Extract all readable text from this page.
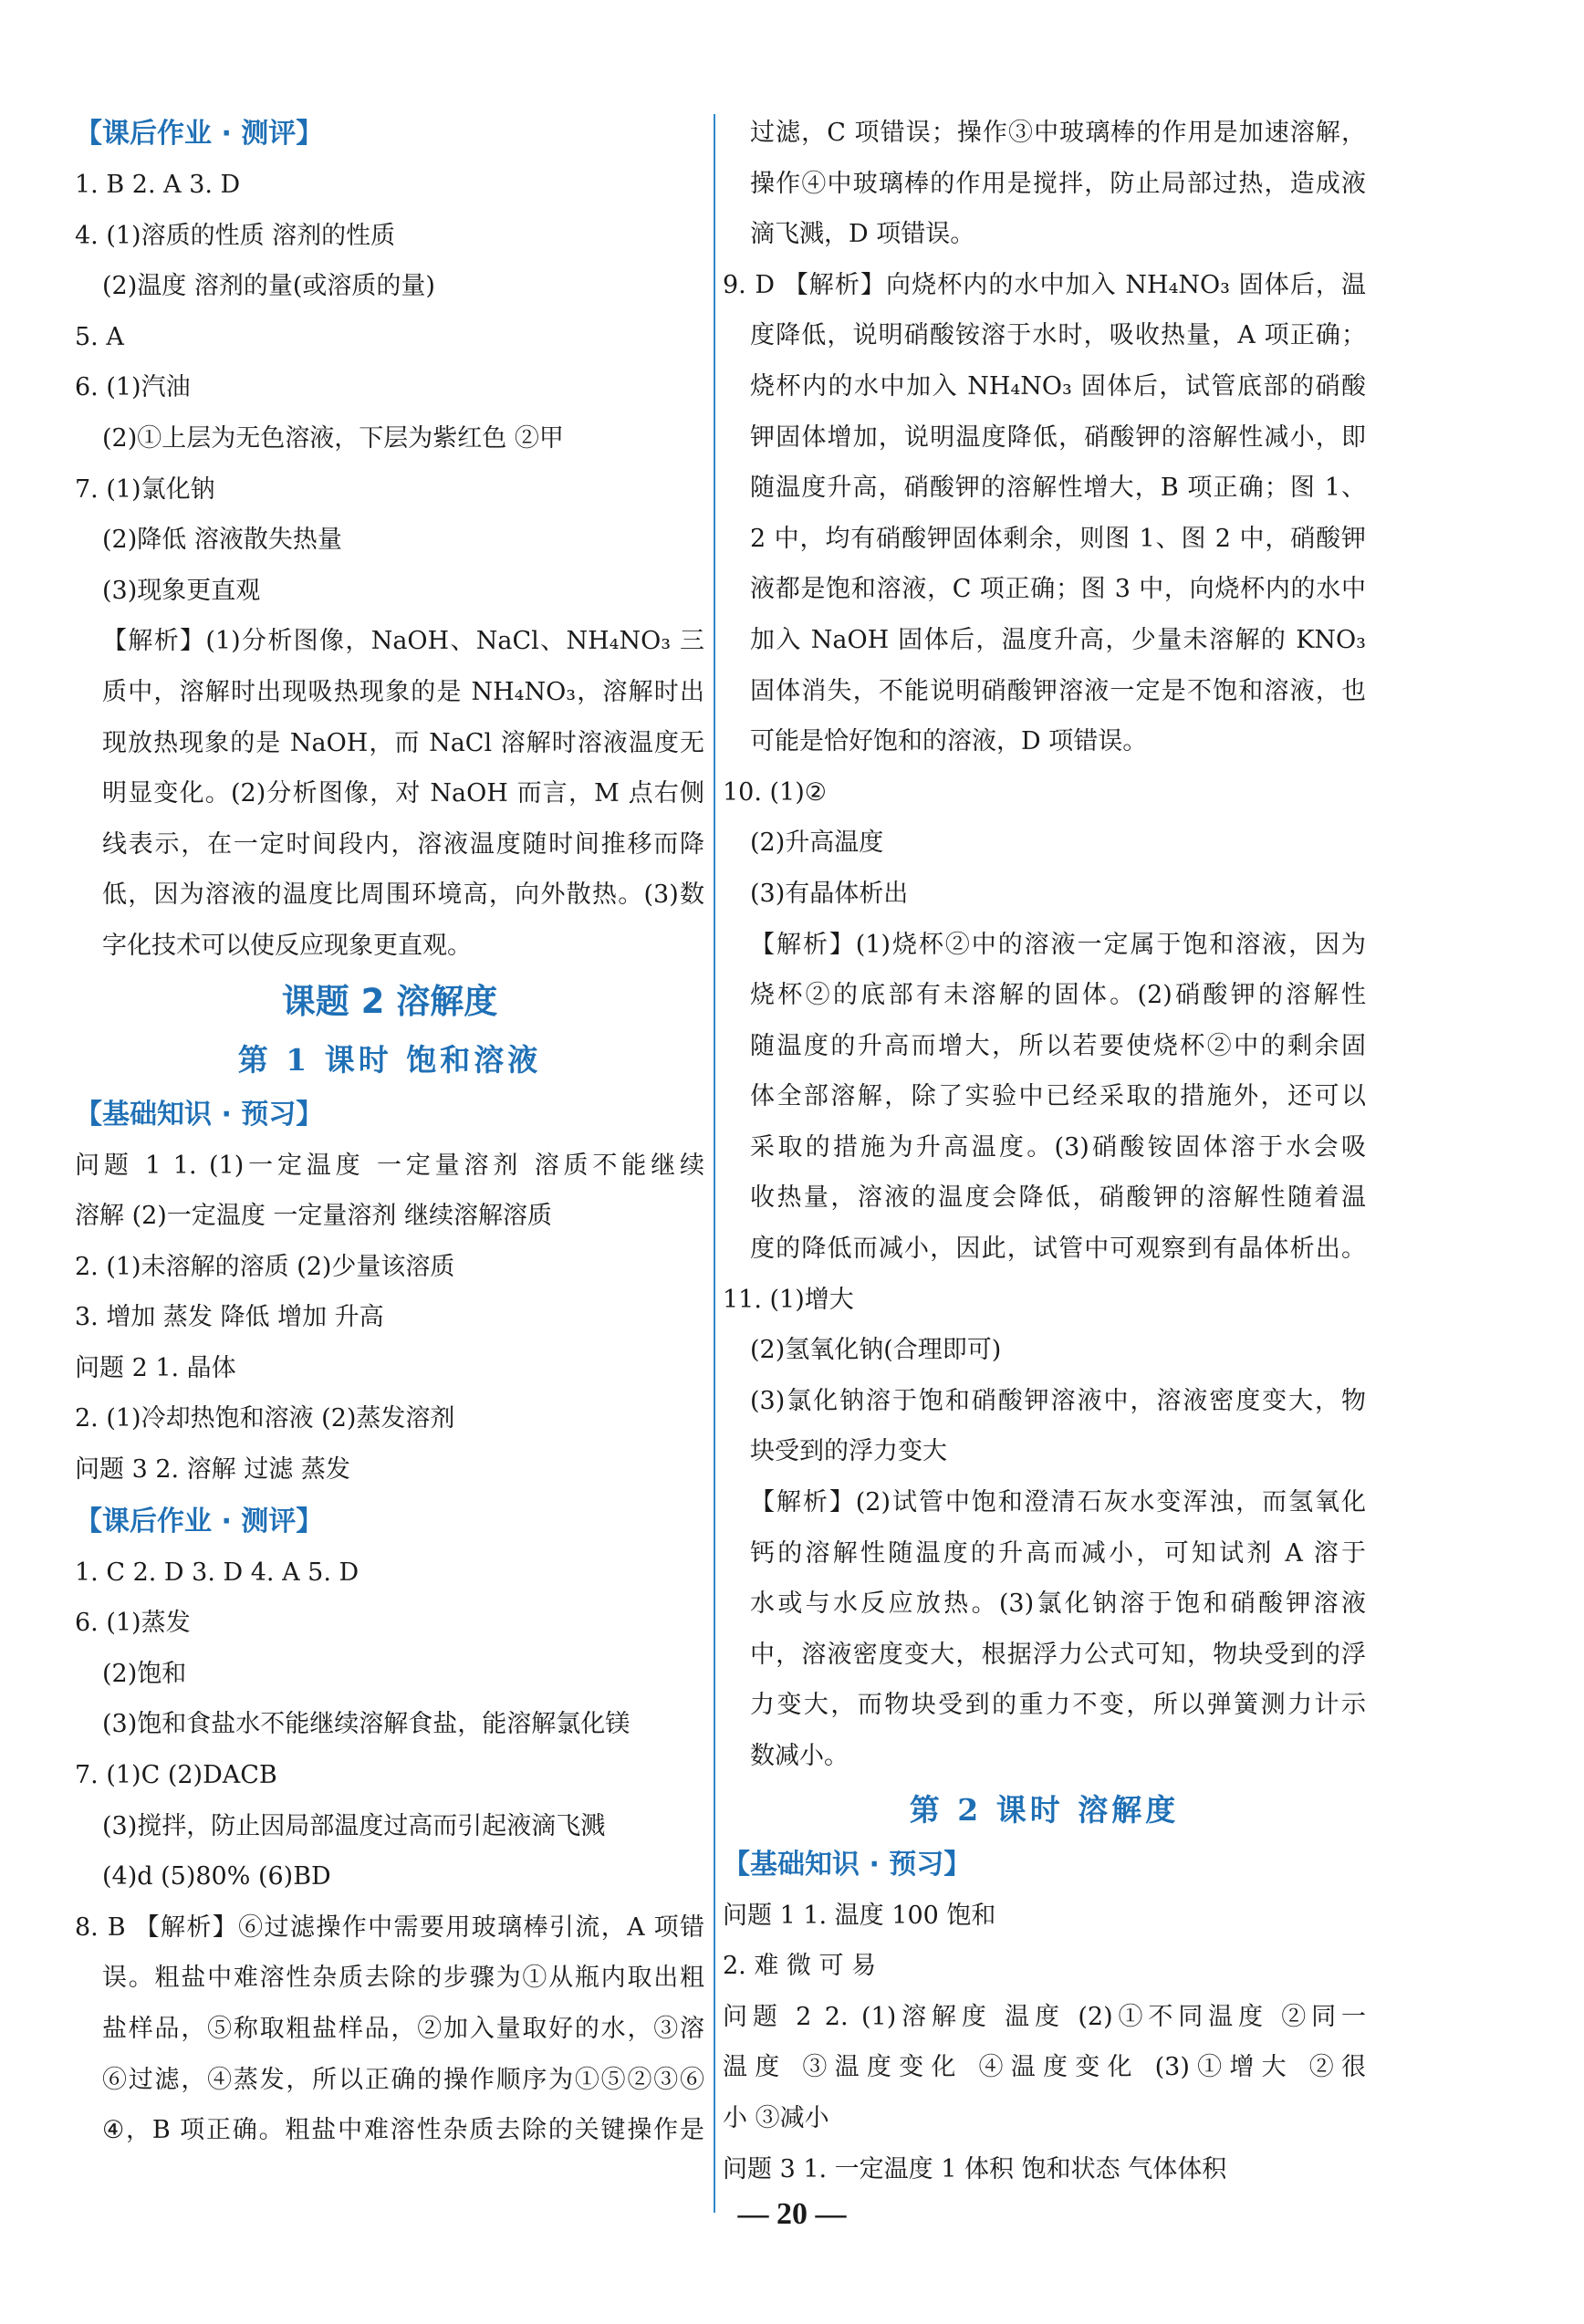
【课后作业 · 测评】
1. B 2. A 3. D
4. (1)溶质的性质 溶剂的性质
(2)温度 溶剂的量(或溶质的量)
5. A
6. (1)汽油
(2)①上层为无色溶液，下层为紫红色 ②甲
7. (1)氯化钠
(2)降低 溶液散失热量
(3)现象更直观
【解析】(1)分析图像，NaOH、NaCl、NH₄NO₃ 三
质中，溶解时出现吸热现象的是 NH₄NO₃，溶解时出
现放热现象的是 NaOH，而 NaCl 溶解时溶液温度无
明显变化。(2)分析图像，对 NaOH 而言，M 点右侧
线表示，在一定时间段内，溶液温度随时间推移而降
低，因为溶液的温度比周围环境高，向外散热。(3)数
字化技术可以使反应现象更直观。
课题 2 溶解度
第 1 课时 饱和溶液
【基础知识 · 预习】
问题 1 1. (1)一定温度 一定量溶剂 溶质不能继续
溶解 (2)一定温度 一定量溶剂 继续溶解溶质
2. (1)未溶解的溶质 (2)少量该溶质
3. 增加 蒸发 降低 增加 升高
问题 2 1. 晶体
2. (1)冷却热饱和溶液 (2)蒸发溶剂
问题 3 2. 溶解 过滤 蒸发
【课后作业 · 测评】
1. C 2. D 3. D 4. A 5. D
6. (1)蒸发
(2)饱和
(3)饱和食盐水不能继续溶解食盐，能溶解氯化镁
7. (1)C (2)DACB
(3)搅拌，防止因局部温度过高而引起液滴飞溅
(4)d (5)80% (6)BD
8. B 【解析】⑥过滤操作中需要用玻璃棒引流，A 项错
误。粗盐中难溶性杂质去除的步骤为①从瓶内取出粗
盐样品，⑤称取粗盐样品，②加入量取好的水，③溶
⑥过滤，④蒸发，所以正确的操作顺序为①⑤②③⑥
④，B 项正确。粗盐中难溶性杂质去除的关键操作是
过滤，C 项错误；操作③中玻璃棒的作用是加速溶解，
操作④中玻璃棒的作用是搅拌，防止局部过热，造成液
滴飞溅，D 项错误。
9. D 【解析】向烧杯内的水中加入 NH₄NO₃ 固体后，温
度降低，说明硝酸铵溶于水时，吸收热量，A 项正确；
烧杯内的水中加入 NH₄NO₃ 固体后，试管底部的硝酸
钾固体增加，说明温度降低，硝酸钾的溶解性减小，即
随温度升高，硝酸钾的溶解性增大，B 项正确；图 1、
2 中，均有硝酸钾固体剩余，则图 1、图 2 中，硝酸钾
液都是饱和溶液，C 项正确；图 3 中，向烧杯内的水中
加入 NaOH 固体后，温度升高，少量未溶解的 KNO₃
固体消失，不能说明硝酸钾溶液一定是不饱和溶液，也
可能是恰好饱和的溶液，D 项错误。
10. (1)②
(2)升高温度
(3)有晶体析出
【解析】(1)烧杯②中的溶液一定属于饱和溶液，因为
烧杯②的底部有未溶解的固体。(2)硝酸钾的溶解性
随温度的升高而增大，所以若要使烧杯②中的剩余固
体全部溶解，除了实验中已经采取的措施外，还可以
采取的措施为升高温度。(3)硝酸铵固体溶于水会吸
收热量，溶液的温度会降低，硝酸钾的溶解性随着温
度的降低而减小，因此，试管中可观察到有晶体析出。
11. (1)增大
(2)氢氧化钠(合理即可)
(3)氯化钠溶于饱和硝酸钾溶液中，溶液密度变大，物
块受到的浮力变大
【解析】(2)试管中饱和澄清石灰水变浑浊，而氢氧化
钙的溶解性随温度的升高而减小，可知试剂 A 溶于
水或与水反应放热。(3)氯化钠溶于饱和硝酸钾溶液
中，溶液密度变大，根据浮力公式可知，物块受到的浮
力变大，而物块受到的重力不变，所以弹簧测力计示
数减小。
第 2 课时 溶解度
【基础知识 · 预习】
问题 1 1. 温度 100 饱和
2. 难 微 可 易
问题 2 2. (1)溶解度 温度 (2)①不同温度 ②同一
温度 ③温度变化 ④温度变化 (3)①增大 ②很
小 ③减小
问题 3 1. 一定温度 1 体积 饱和状态 气体体积
— 20 —
